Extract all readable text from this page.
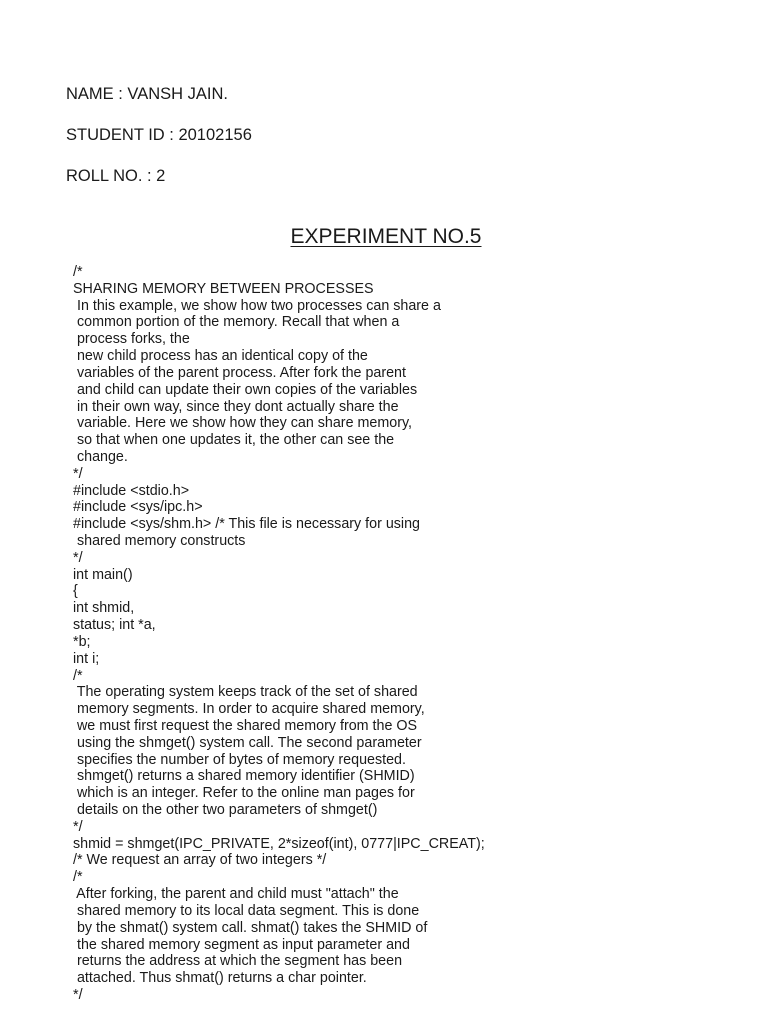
NAME : VANSH JAIN.
STUDENT ID : 20102156
ROLL NO. : 2
EXPERIMENT NO.5
/*
SHARING MEMORY BETWEEN PROCESSES
In this example, we show how two processes can share a
common portion of the memory. Recall that when a
process forks, the
new child process has an identical copy of the
variables of the parent process. After fork the parent
and child can update their own copies of the variables
in their own way, since they dont actually share the
variable. Here we show how they can share memory,
so that when one updates it, the other can see the
change.
*/
#include <stdio.h>
#include <sys/ipc.h>
#include <sys/shm.h> /* This file is necessary for using
shared memory constructs
*/
int main()
{
int shmid,
status; int *a,
*b;
int i;
/*
The operating system keeps track of the set of shared
memory segments. In order to acquire shared memory,
we must first request the shared memory from the OS
using the shmget() system call. The second parameter
specifies the number of bytes of memory requested.
shmget() returns a shared memory identifier (SHMID)
which is an integer. Refer to the online man pages for
details on the other two parameters of shmget()
*/
shmid = shmget(IPC_PRIVATE, 2*sizeof(int), 0777|IPC_CREAT);
/* We request an array of two integers */
/*
After forking, the parent and child must "attach" the
shared memory to its local data segment. This is done
by the shmat() system call. shmat() takes the SHMID of
the shared memory segment as input parameter and
returns the address at which the segment has been
attached. Thus shmat() returns a char pointer.
*/
